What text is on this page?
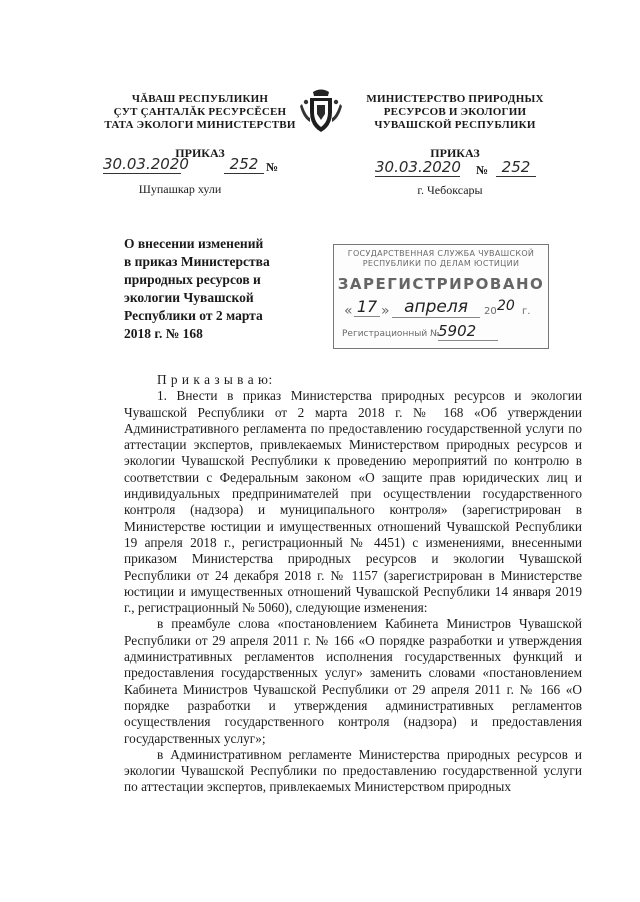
ЧĂВАШ РЕСПУБЛИКИН
ÇУТ ÇАНТАЛĂК РЕСУРСĔСЕН
ТАТА ЭКОЛОГИ МИНИСТЕРСТВИ
ПРИКАЗ
30.03.2020	252 №
Шупашкар хули
МИНИСТЕРСТВО ПРИРОДНЫХ
РЕСУРСОВ И ЭКОЛОГИИ
ЧУВАШСКОЙ РЕСПУБЛИКИ
ПРИКАЗ
30.03.2020 № 252
г. Чебоксары
О внесении изменений
в приказ Министерства
природных ресурсов и
экологии Чувашской
Республики от 2 марта
2018 г. № 168
ГОСУДАРСТВЕННАЯ СЛУЖБА ЧУВАШСКОЙ
РЕСПУБЛИКИ ПО ДЕЛАМ ЮСТИЦИИ
ЗАРЕГИСТРИРОВАНО
« 17 » апреля	20 20 г.
Регистрационный №
5902

П р и к а з ы в а ю:

1. Внести в приказ Министерства природных ресурсов и экологии Чувашской Республики от 2 марта 2018 г. № 168 «Об утверждении Административного регламента по предоставлению государственной услуги по аттестации экспертов, привлекаемых Министерством природных ресурсов и экологии Чувашской Республики к проведению мероприятий по контролю в соответствии с Федеральным законом «О защите прав юридических лиц и индивидуальных предпринимателей при осуществлении государственного контроля (надзора) и муниципального контроля» (зарегистрирован в Министерстве юстиции и имущественных отношений Чувашской Республики 19 апреля 2018 г., регистрационный № 4451) с изменениями, внесенными приказом Министерства природных ресурсов и экологии Чувашской Республики от 24 декабря 2018 г. № 1157 (зарегистрирован в Министерстве юстиции и имущественных отношений Чувашской Республики 14 января 2019 г., регистрационный № 5060), следующие изменения:

в преамбуле слова «постановлением Кабинета Министров Чувашской Республики от 29 апреля 2011 г. № 166 «О порядке разработки и утверждения административных регламентов исполнения государственных функций и предоставления государственных услуг» заменить словами «постановлением Кабинета Министров Чувашской Республики от 29 апреля 2011 г. № 166 «О порядке разработки и утверждения административных регламентов осуществления государственного контроля (надзора) и предоставления государственных услуг»;

в Административном регламенте Министерства природных ресурсов и экологии Чувашской Республики по предоставлению государственной услуги по аттестации экспертов, привлекаемых Министерством природных
